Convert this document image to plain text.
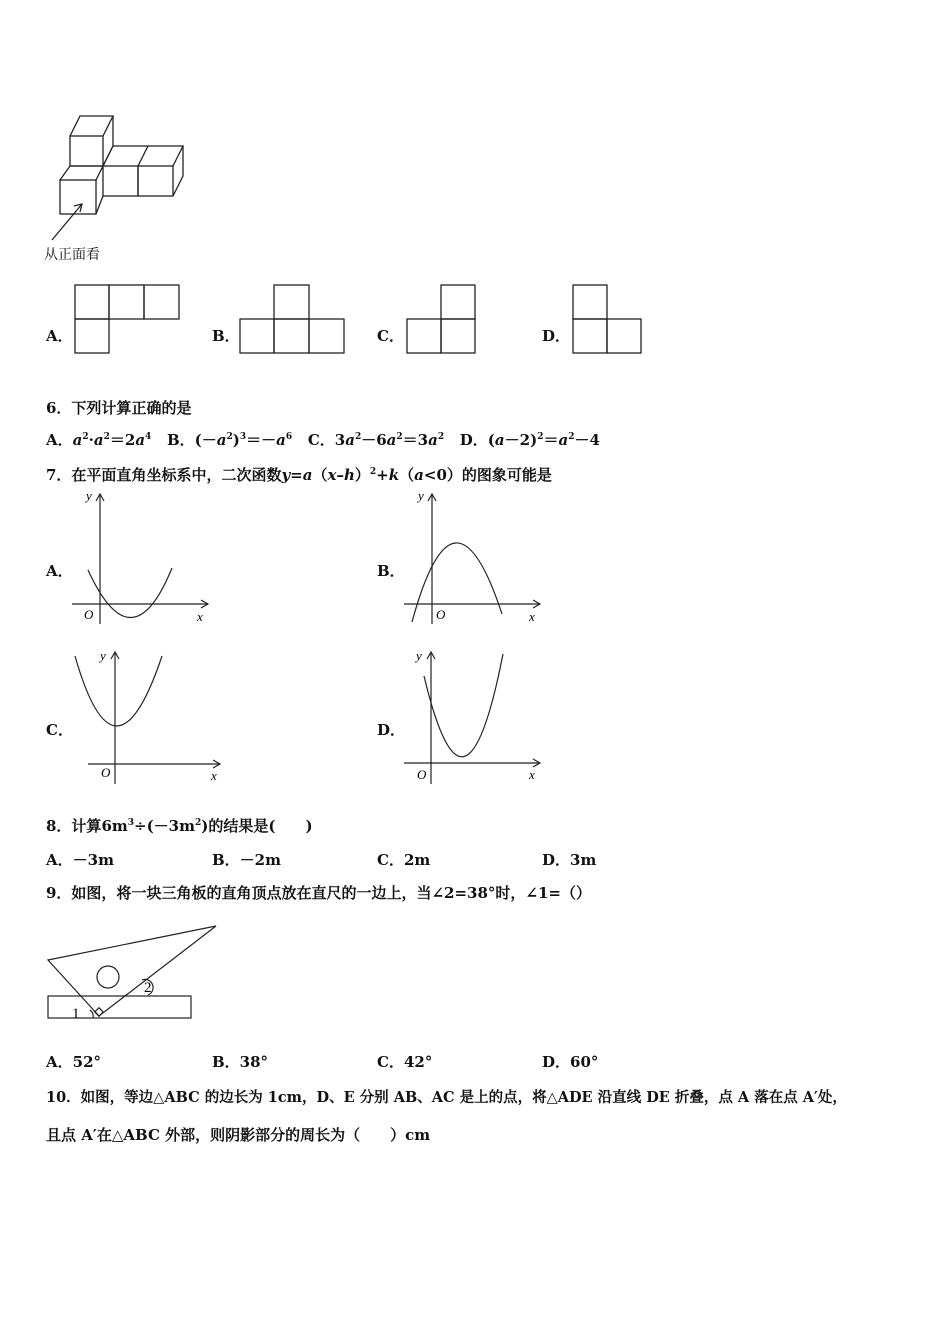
从正面看
A．	B．	C．	D．
6．下列计算正确的是
A．$a^2\cdot a^2=2a^4$ B．$(-a^2)^3=-a^6$ C．$3a^2-6a^2=3a^2$ D．$(a-2)^2=a^2-4$
7．在平面直角坐标系中，二次函数$y=a(x-h)^2+k(a<0)$的图象可能是
A．
y
x
O
B．
y
x
O
C．
y
x
O
D．
y
x
O
8．计算$6m^3\div(-3m^2)$的结果是(　　)
A．－3m	B．－2m	C．2m	D．3m
9．如图，将一块三角板的直角顶点放在直尺的一边上，当∠2=38°时，∠1=（）
2
1
A．52°	B．38°	C．42°	D．60°
10．如图，等边△ABC 的边长为 1cm，D、E 分别 AB、AC 是上的点，将△ADE 沿直线 DE 折叠，点 A 落在点 A′处，
且点 A′在△ABC 外部，则阴影部分的周长为（　　）cm
